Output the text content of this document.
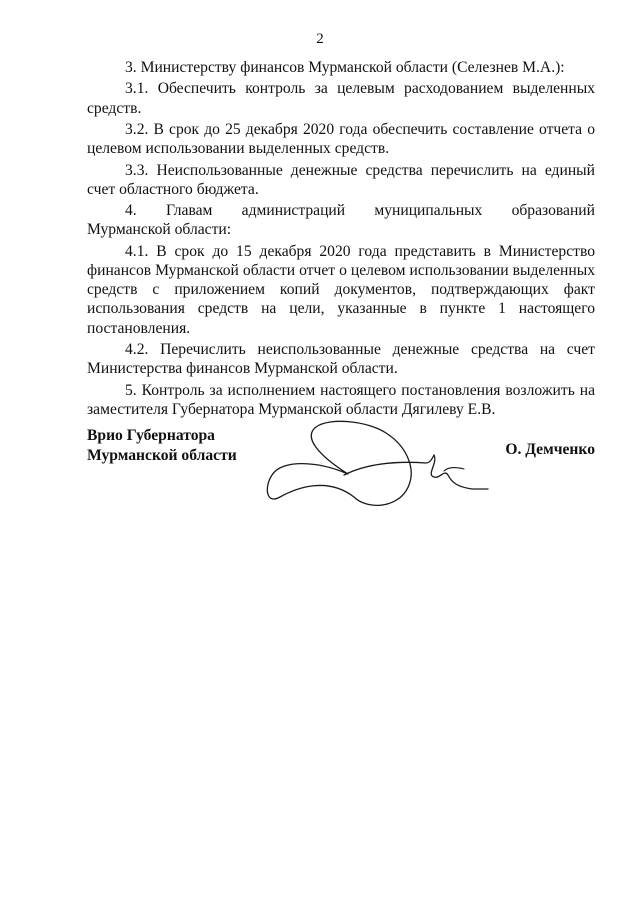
2

3. Министерству финансов Мурманской области (Селезнев М.А.):

3.1. Обеспечить контроль за целевым расходованием выделенных средств.

3.2. В срок до 25 декабря 2020 года обеспечить составление отчета о целевом использовании выделенных средств.

3.3. Неиспользованные денежные средства перечислить на единый счет областного бюджета.

4. Главам администраций муниципальных образований

Мурманской области:

4.1. В срок до 15 декабря 2020 года представить в Министерство финансов Мурманской области отчет о целевом использовании выделенных средств с приложением копий документов, подтверждающих факт использования средств на цели, указанные в пункте 1 настоящего постановления.

4.2. Перечислить неиспользованные денежные средства на счет Министерства финансов Мурманской области.

5. Контроль за исполнением настоящего постановления возложить на заместителя Губернатора Мурманской области Дягилеву Е.В.

Врио Губернатора
Мурманской области	О. Демченко
